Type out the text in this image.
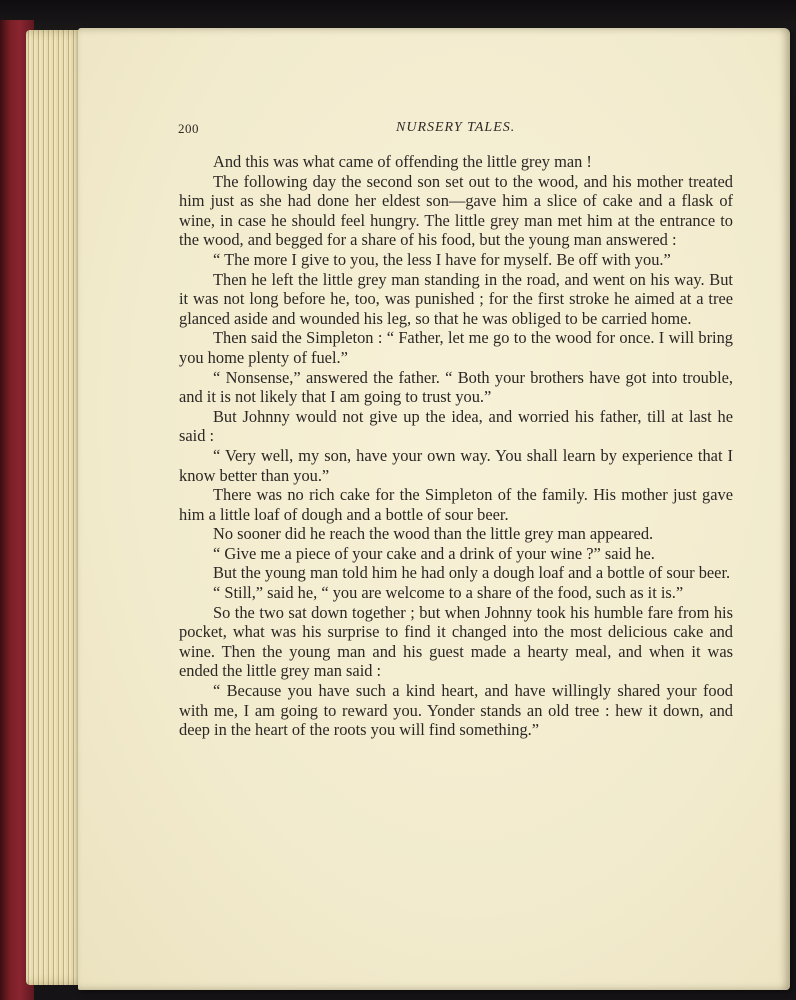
200	NURSERY TALES.

And this was what came of offending the little grey man !

The following day the second son set out to the wood, and his mother treated him just as she had done her eldest son—gave him a slice of cake and a flask of wine, in case he should feel hungry. The little grey man met him at the entrance to the wood, and begged for a share of his food, but the young man answered :

“ The more I give to you, the less I have for myself. Be off with you.”

Then he left the little grey man standing in the road, and went on his way. But it was not long before he, too, was punished ; for the first stroke he aimed at a tree glanced aside and wounded his leg, so that he was obliged to be carried home.

Then said the Simpleton : “ Father, let me go to the wood for once. I will bring you home plenty of fuel.”

“ Nonsense,” answered the father. “ Both your brothers have got into trouble, and it is not likely that I am going to trust you.”

But Johnny would not give up the idea, and worried his father, till at last he said :

“ Very well, my son, have your own way. You shall learn by experience that I know better than you.”

There was no rich cake for the Simpleton of the family. His mother just gave him a little loaf of dough and a bottle of sour beer.

No sooner did he reach the wood than the little grey man appeared.

“ Give me a piece of your cake and a drink of your wine ?” said he.

But the young man told him he had only a dough loaf and a bottle of sour beer.

“ Still,” said he, “ you are welcome to a share of the food, such as it is.”

So the two sat down together ; but when Johnny took his humble fare from his pocket, what was his surprise to find it changed into the most delicious cake and wine. Then the young man and his guest made a hearty meal, and when it was ended the little grey man said :

“ Because you have such a kind heart, and have willingly shared your food with me, I am going to reward you. Yonder stands an old tree : hew it down, and deep in the heart of the roots you will find something.”
